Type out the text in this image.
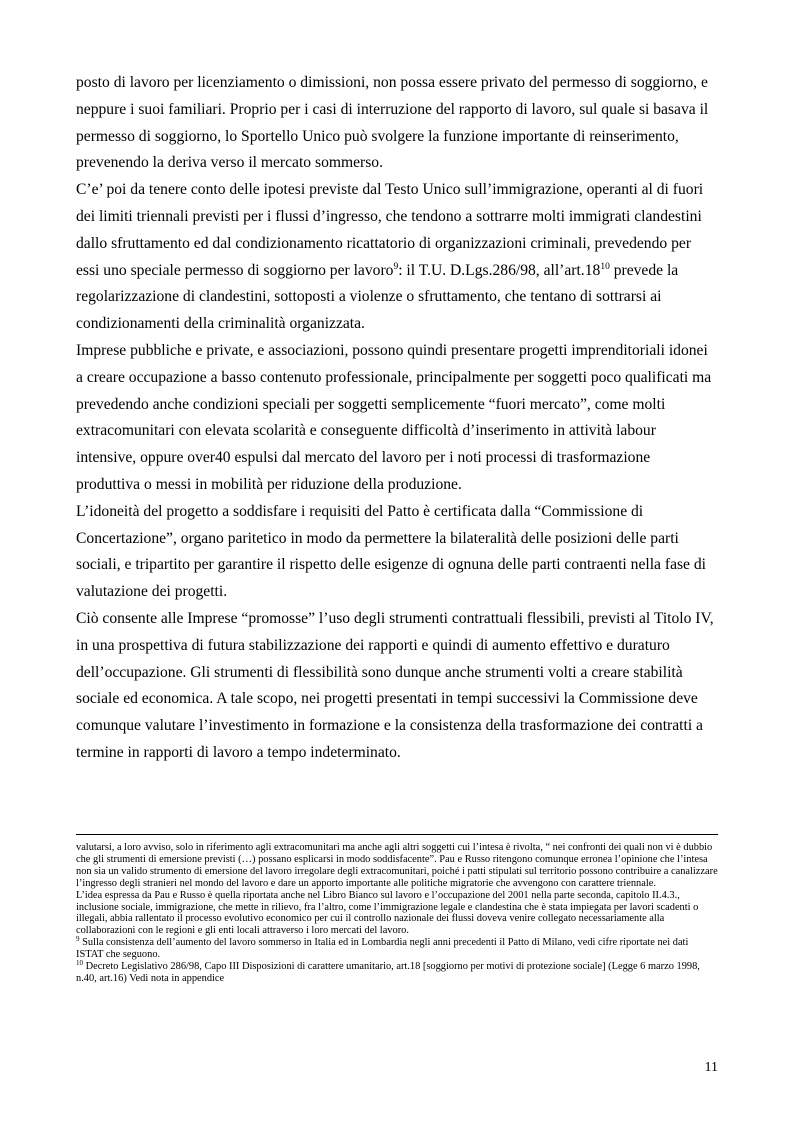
posto di lavoro per licenziamento o dimissioni, non possa essere privato del permesso di soggiorno, e neppure i suoi familiari. Proprio per i casi di interruzione del rapporto di lavoro, sul quale si basava il permesso di soggiorno, lo Sportello Unico può svolgere la funzione importante di reinserimento, prevenendo la deriva verso il mercato sommerso.

C’e’ poi da tenere conto delle ipotesi previste dal Testo Unico sull’immigrazione, operanti al di fuori dei limiti triennali previsti per i flussi d’ingresso, che tendono a sottrarre molti immigrati clandestini dallo sfruttamento ed dal condizionamento ricattatorio di organizzazioni criminali, prevedendo per essi uno speciale permesso di soggiorno per lavoro$^9$: il T.U. D.Lgs.286/98, $all’art.18^{10}$ prevede la regolarizzazione di clandestini, sottoposti a violenze o sfruttamento, che tentano di sottrarsi ai condizionamenti della criminalità organizzata.

Imprese pubbliche e private, e associazioni, possono quindi presentare progetti imprenditoriali idonei a creare occupazione a basso contenuto professionale, principalmente per soggetti poco qualificati ma prevedendo anche condizioni speciali per soggetti semplicemente “fuori mercato”, come molti extracomunitari con elevata scolarità e conseguente difficoltà d’inserimento in attività labour intensive, oppure over40 espulsi dal mercato del lavoro per i noti processi di trasformazione produttiva o messi in mobilità per riduzione della produzione.

L’idoneità del progetto a soddisfare i requisiti del Patto è certificata dalla “Commissione di Concertazione”, organo paritetico in modo da permettere la bilateralità delle posizioni delle parti sociali, e tripartito per garantire il rispetto delle esigenze di ognuna delle parti contraenti nella fase di valutazione dei progetti.

Ciò consente alle Imprese “promosse” l’uso degli strumenti contrattuali flessibili, previsti al Titolo IV, in una prospettiva di futura stabilizzazione dei rapporti e quindi di aumento effettivo e duraturo dell’occupazione. Gli strumenti di flessibilità sono dunque anche strumenti volti a creare stabilità sociale ed economica. A tale scopo, nei progetti presentati in tempi successivi la Commissione deve comunque valutare l’investimento in formazione e la consistenza della trasformazione dei contratti a termine in rapporti di lavoro a tempo indeterminato.

valutarsi, a loro avviso, solo in riferimento agli extracomunitari ma anche agli altri soggetti cui l’intesa è rivolta, “ nei confronti dei quali non vi è dubbio che gli strumenti di emersione previsti (…) possano esplicarsi in modo soddisfacente”. Pau e Russo ritengono comunque erronea l’opinione che l’intesa non sia un valido strumento di emersione del lavoro irregolare degli extracomunitari, poiché i patti stipulati sul territorio possono contribuire a canalizzare l’ingresso degli stranieri nel mondo del lavoro e dare un apporto importante alle politiche migratorie che avvengono con carattere triennale.

L’idea espressa da Pau e Russo è quella riportata anche nel Libro Bianco sul lavoro e l’occupazione del 2001 nella parte seconda, capitolo II.4.3., inclusione sociale, immigrazione, che mette in rilievo, fra l’altro, come l’immigrazione legale e clandestina che è stata impiegata per lavori scadenti o illegali, abbia rallentato il processo evolutivo economico per cui il controllo nazionale dei flussi doveva venire collegato necessariamente alla collaborazioni con le regioni e gli enti locali attraverso i loro mercati del lavoro.

$^9$ Sulla consistenza dell’aumento del lavoro sommerso in Italia ed in Lombardia negli anni precedenti il Patto di Milano, vedi cifre riportate nei dati ISTAT che seguono.

$^{10}$ Decreto Legislativo 286/98, Capo III Disposizioni di carattere umanitario, art.18 [soggiorno per motivi di protezione sociale] (Legge 6 marzo 1998, n.40, art.16) Vedi nota in appendice

11
